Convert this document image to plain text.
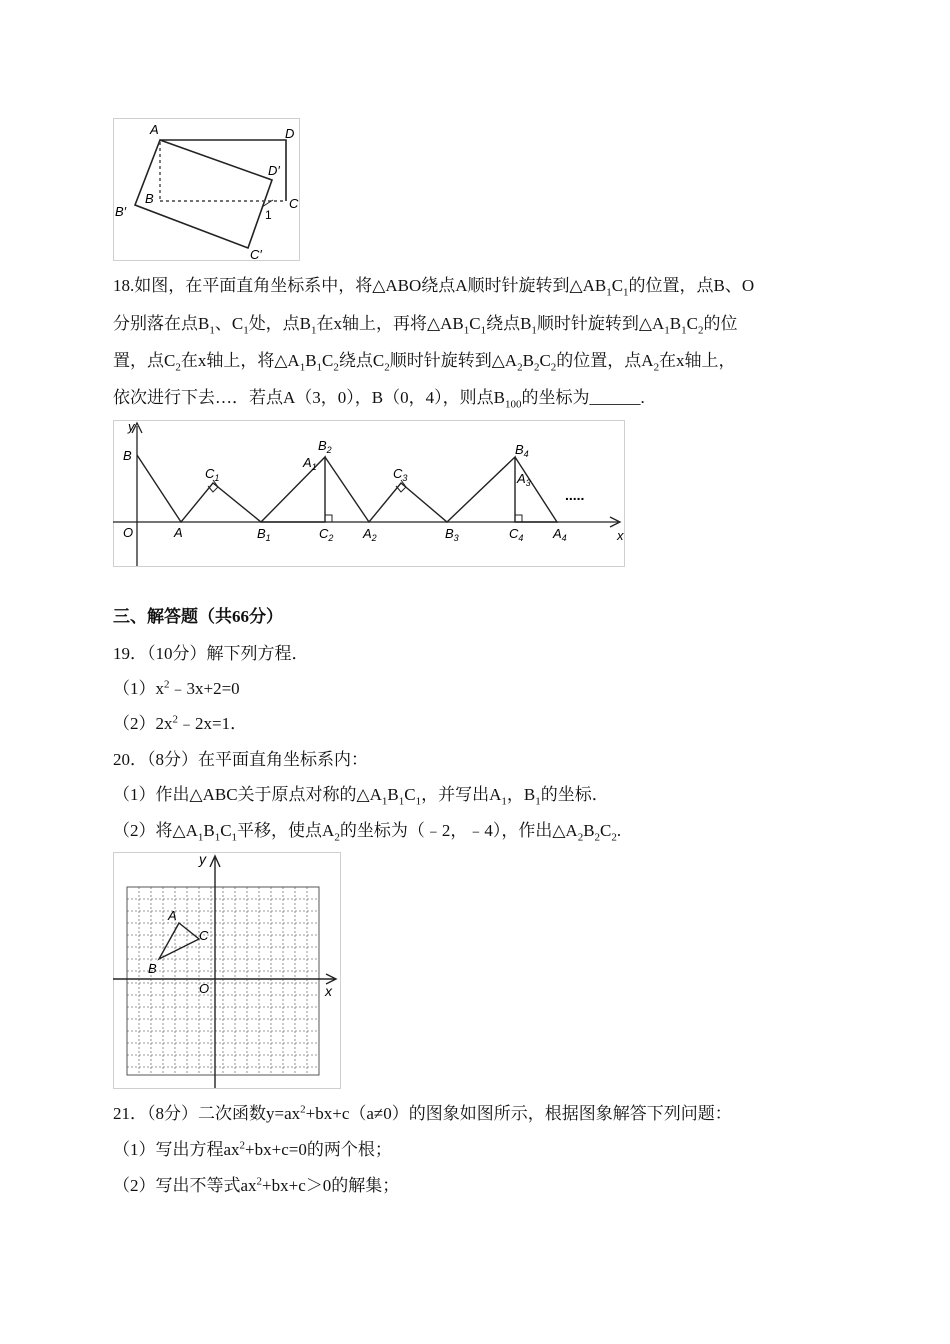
A	D
D′
B
B′
C
C′
1
18.如图，在平面直角坐标系中，将△ABO绕点A顺时针旋转到$\triangle AB_1C_1$的位置，点B、O
分别落在点$B_1$、$C_1$处，点$B_1$在x轴上，再将$\triangle AB_1C_1$绕点$B_1$顺时针旋转到$\triangle A_1B_1C_2$的位
置，点$C_2$在x轴上，将$\triangle A_1B_1C_2$绕点$C_2$顺时针旋转到$\triangle A_2B_2C_2$的位置，点$A_2$在x轴上，
依次进行下去…．若点A（3，0），B（0，4），则点$B_{100}$的坐标为______.
y
x
O
B
A
$C_1$
$B_1$
$A_1$
$B_2$
$C_2$ $A_2$
$C_3$
$B_3$
$B_4$
$A_3$
$C_4$ $A_4$
.....
三、解答题（共66分）
19．（10分）解下列方程．
$(1)x^2﹣3x+2=0$
$(2)2x^2﹣2x=1$．
20．（8分）在平面直角坐标系内：
（1）作出△ABC关于原点对称的$\triangle A_1B_1C_1$，并写出$A_1$，$B_1$的坐标．
（2）将$\triangle A_1B_1C_1$平移，使点$A_2$的坐标为（﹣2，﹣4），作出$\triangle A_2B_2C_2$.
y
x
O
A
C
B
21．（8分）二次函数$y=ax^2+bx+c(a\ne 0)$的图象如图所示，根据图象解答下列问题：
（1）写出方程$ax^2+bx+c=0$的两个根；
（2）写出不等式$ax^2+bx+c>0$的解集；
